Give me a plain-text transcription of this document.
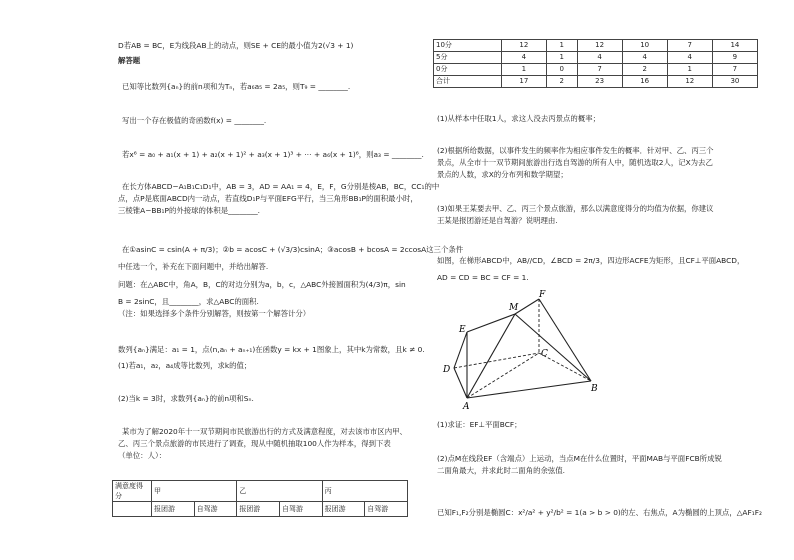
D若AB = BC，E为线段AB上的动点，则SE + CE的最小值为2(√3 + 1)
解答题
已知等比数列{aₙ}的前n项和为Tₙ，若a₆a₅ = 2a₅，则T₉ = ________.
写出一个存在极值的奇函数f(x) = ________.
若x⁶ = a₀ + a₁(x + 1) + a₂(x + 1)² + a₃(x + 1)³ + ⋯ + a₆(x + 1)⁶，则a₃ = ________.
在长方体ABCD−A₁B₁C₁D₁中，AB = 3，AD = AA₁ = 4，E，F，G分别是棱AB，BC，CC₁的中
点，点P是底面ABCD内一动点，若直线D₁P与平面EFG平行，当三角形BB₁P的面积最小时，
三棱锥A−BB₁P的外接球的体积是________.
在①asinC = csin(A + π/3)；②b = acosC + (√3/3)csinA；③acosB + bcosA = 2ccosA这三个条件
中任选一个，补充在下面问题中，并给出解答.
问题：在△ABC中，角A，B，C的对边分别为a，b，c，△ABC外接圆面积为(4/3)π，sin
B = 2sinC，且________，求△ABC的面积.
（注：如果选择多个条件分别解答，则按第一个解答计分）
数列{aₙ}满足：a₁ = 1，点(n,aₙ + aₙ₊₁)在函数y = kx + 1图象上，其中k为常数，且k ≠ 0.
(1)若a₁，a₂，a₄成等比数列，求k的值；
(2)当k = 3时，求数列{aₙ}的前n项和Sₙ.
某市为了解2020年十一双节期间市民旅游出行的方式及满意程度，对去该市市区内甲、
乙、丙三个景点旅游的市民进行了调查，现从中随机抽取100人作为样本，得到下表
（单位：人）：
满意度得分	甲		乙		丙	
	报团游	自驾游	报团游	自驾游	报团游	自驾游
10分	12	1	12	10	7	14
5分	4	1	4	4	4	9
0分	1	0	7	2	1	7
合计	17	2	23	16	12	30
(1)从样本中任取1人，求这人没去丙景点的概率；
(2)根据所给数据，以事件发生的频率作为相应事件发生的概率．针对甲、乙、丙三个
景点，从全市十一双节期间旅游出行选自驾游的所有人中，随机选取2人，记X为去乙
景点的人数，求X的分布列和数学期望；
(3)如果王某要去甲、乙、丙三个景点旅游，那么以满意度得分的均值为依据，你建议
王某是报团游还是自驾游？说明理由.
如图，在梯形ABCD中，AB//CD，∠BCD = 2π/3，四边形ACFE为矩形，且CF⊥平面ABCD，
AD = CD = BC = CF = 1.
E
M
F
C
D
A
B
(1)求证：EF⊥平面BCF；
(2)点M在线段EF（含端点）上运动，当点M在什么位置时，平面MAB与平面FCB所成锐
二面角最大，并求此时二面角的余弦值.
已知F₁,F₂分别是椭圆C：x²/a² + y²/b² = 1(a > b > 0)的左、右焦点，A为椭圆的上顶点，△AF₁F₂
